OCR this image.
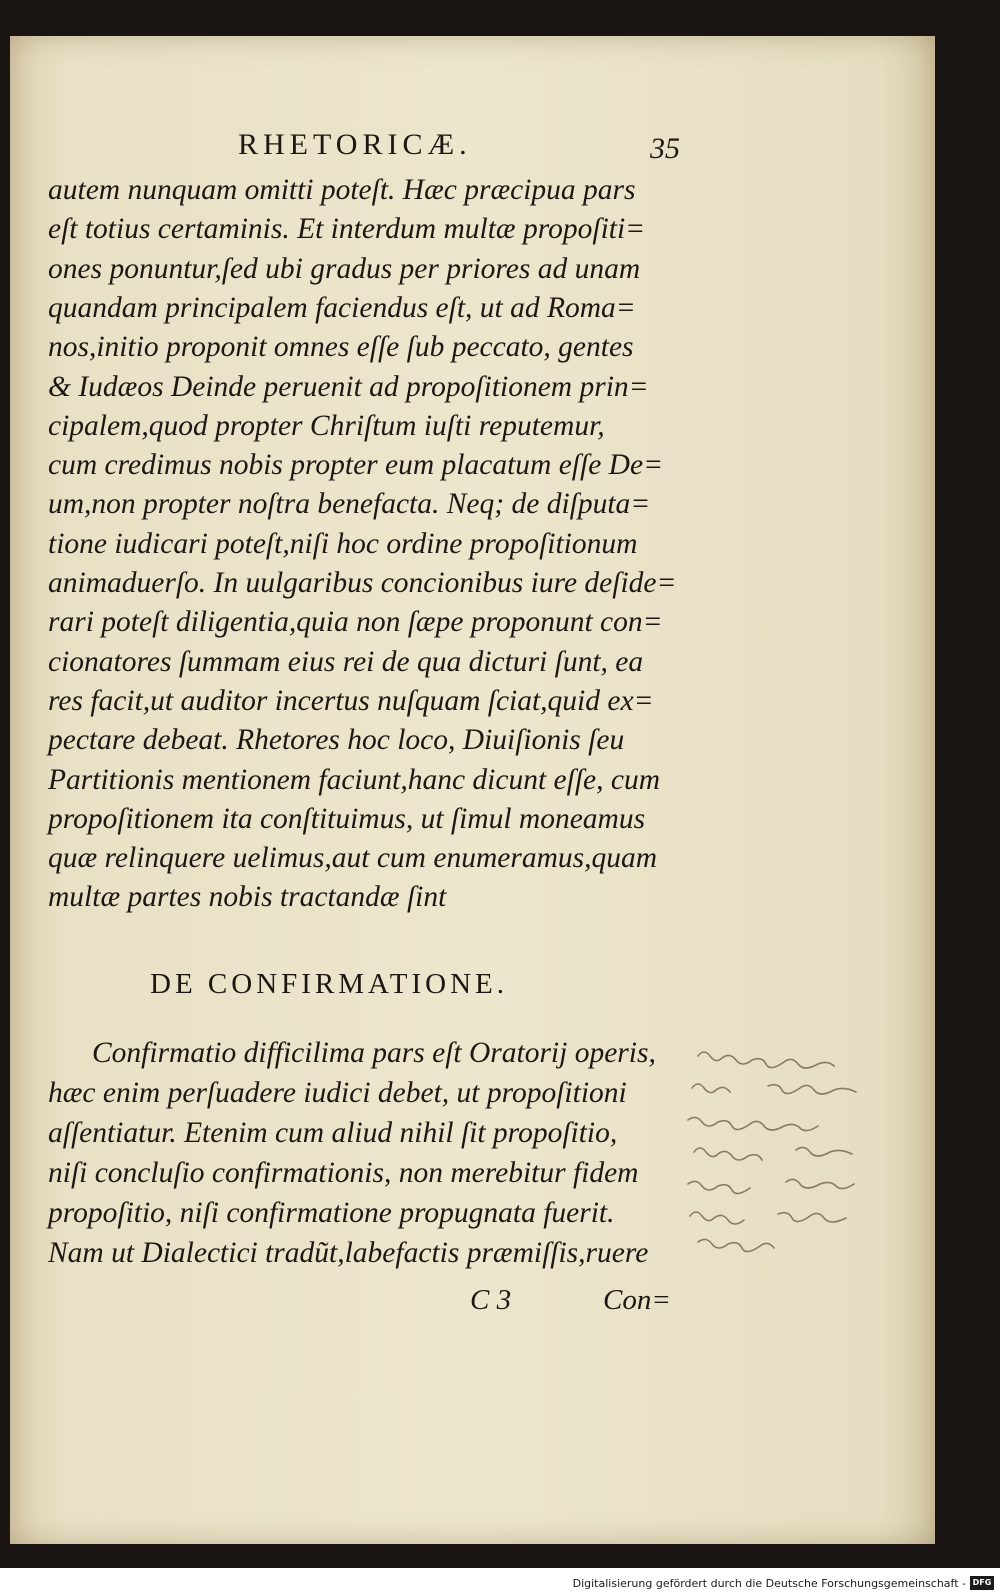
RHETORICÆ.	35
autem nunquam omitti poteſt. Hæc præcipua pars
eſt totius certaminis. Et interdum multæ propoſiti=
ones ponuntur,ſed ubi gradus per priores ad unam
quandam principalem faciendus eſt, ut ad Roma=
nos,initio proponit omnes eſſe ſub peccato, gentes
& Iudæos Deinde peruenit ad propoſitionem prin=
cipalem,quod propter Chriſtum iuſti reputemur,
cum credimus nobis propter eum placatum eſſe De=
um,non propter noſtra benefacta. Neq; de diſputa=
tione iudicari poteſt,niſi hoc ordine propoſitionum
animaduerſo. In uulgaribus concionibus iure deſide=
rari poteſt diligentia,quia non ſæpe proponunt con=
cionatores ſummam eius rei de qua dicturi ſunt, ea
res facit,ut auditor incertus nuſquam ſciat,quid ex=
pectare debeat. Rhetores hoc loco, Diuiſionis ſeu
Partitionis mentionem faciunt,hanc dicunt eſſe, cum
propoſitionem ita conſtituimus, ut ſimul moneamus
quæ relinquere uelimus,aut cum enumeramus,quam
multæ partes nobis tractandæ ſint
DE CONFIRMATIONE.
Confirmatio difficilima pars eſt Oratorij operis,
hæc enim perſuadere iudici debet, ut propoſitioni
aſſentiatur. Etenim cum aliud nihil ſit propoſitio,
niſi concluſio confirmationis, non merebitur fidem
propoſitio, niſi confirmatione propugnata fuerit.
Nam ut Dialectici tradũt,labefactis præmiſſis,ruere
C 3	Con=
Digitalisierung gefördert durch die Deutsche Forschungsgemeinschaft - DFG
